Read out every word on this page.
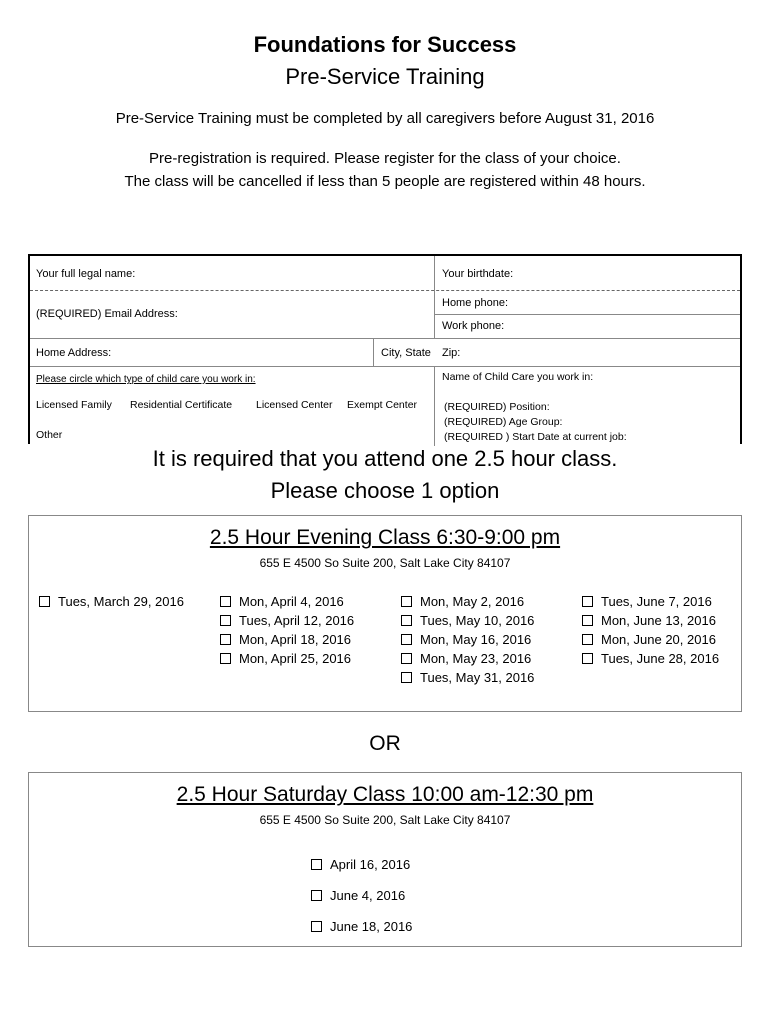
Foundations for Success
Pre-Service Training
Pre-Service Training must be completed by all caregivers before August 31, 2016
Pre-registration is required. Please register for the class of your choice.
The class will be cancelled if less than 5 people are registered within 48 hours.
Your full legal name:	Your birthdate:
(REQUIRED) Email Address:
Home phone:
Work phone:
Home Address:	City, State Zip:
Please circle which type of child care you work in:
Licensed Family Residential Certificate Licensed Center Exempt Center
Other
Name of Child Care you work in:
(REQUIRED) Position:
(REQUIRED) Age Group:
(REQUIRED ) Start Date at current job:
It is required that you attend one 2.5 hour class.
Please choose 1 option
2.5 Hour Evening Class 6:30-9:00 pm
655 E 4500 So Suite 200, Salt Lake City 84107
Tues, March 29, 2016	Mon, April 4, 2016
Tues, April 12, 2016
Mon, April 18, 2016
Mon, April 25, 2016
Mon, May 2, 2016
Tues, May 10, 2016
Mon, May 16, 2016
Mon, May 23, 2016
Tues, May 31, 2016
Tues, June 7, 2016
Mon, June 13, 2016
Mon, June 20, 2016
Tues, June 28, 2016
OR
2.5 Hour Saturday Class 10:00 am-12:30 pm
655 E 4500 So Suite 200, Salt Lake City 84107
April 16, 2016
June 4, 2016
June 18, 2016
